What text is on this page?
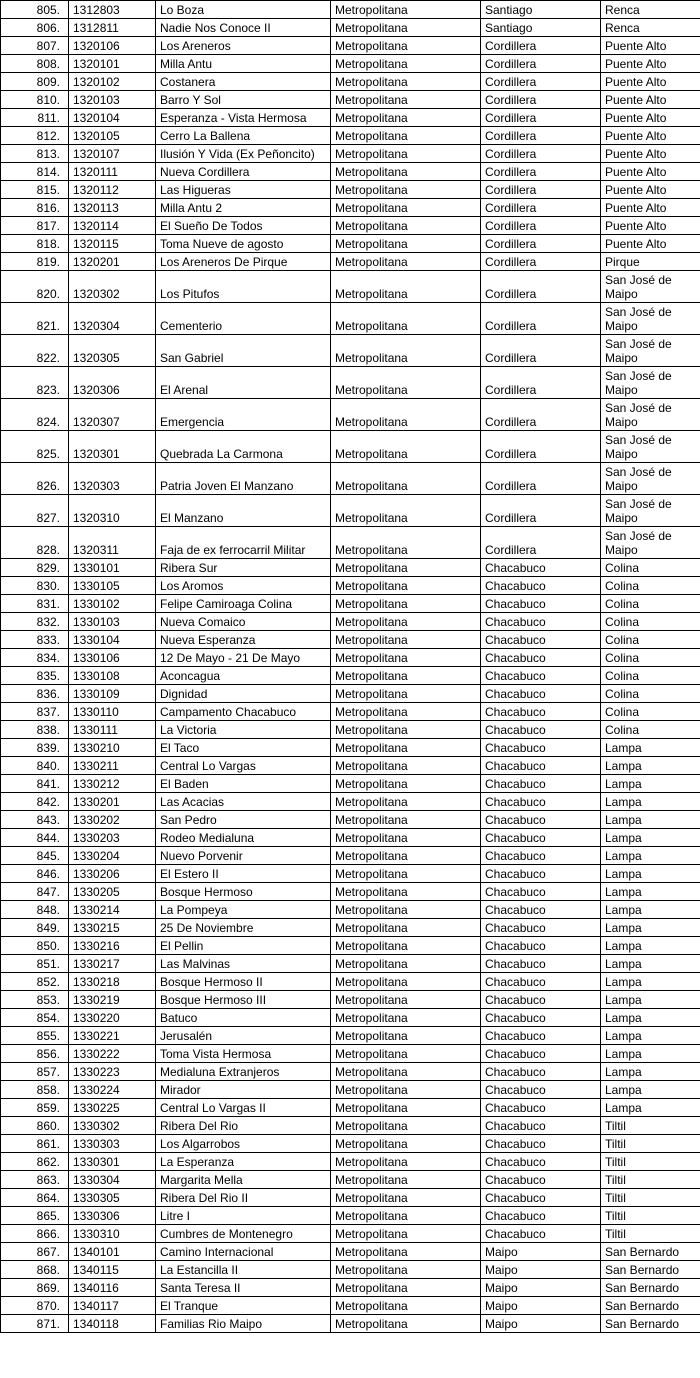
805.	1312803	Lo Boza	Metropolitana	Santiago	Renca
806.	1312811	Nadie Nos Conoce II	Metropolitana	Santiago	Renca
807.	1320106	Los Areneros	Metropolitana	Cordillera	Puente Alto
808.	1320101	Milla Antu	Metropolitana	Cordillera	Puente Alto
809.	1320102	Costanera	Metropolitana	Cordillera	Puente Alto
810.	1320103	Barro Y Sol	Metropolitana	Cordillera	Puente Alto
811.	1320104	Esperanza - Vista Hermosa	Metropolitana	Cordillera	Puente Alto
812.	1320105	Cerro La Ballena	Metropolitana	Cordillera	Puente Alto
813.	1320107	Ilusión Y Vida (Ex Peñoncito)	Metropolitana	Cordillera	Puente Alto
814.	1320111	Nueva Cordillera	Metropolitana	Cordillera	Puente Alto
815.	1320112	Las Higueras	Metropolitana	Cordillera	Puente Alto
816.	1320113	Milla Antu 2	Metropolitana	Cordillera	Puente Alto
817.	1320114	El Sueño De Todos	Metropolitana	Cordillera	Puente Alto
818.	1320115	Toma Nueve de agosto	Metropolitana	Cordillera	Puente Alto
819.	1320201	Los Areneros De Pirque	Metropolitana	Cordillera	Pirque
820.	1320302	Los Pitufos	Metropolitana	Cordillera	San José de Maipo
821.	1320304	Cementerio	Metropolitana	Cordillera	San José de Maipo
822.	1320305	San Gabriel	Metropolitana	Cordillera	San José de Maipo
823.	1320306	El Arenal	Metropolitana	Cordillera	San José de Maipo
824.	1320307	Emergencia	Metropolitana	Cordillera	San José de Maipo
825.	1320301	Quebrada La Carmona	Metropolitana	Cordillera	San José de Maipo
826.	1320303	Patria Joven El Manzano	Metropolitana	Cordillera	San José de Maipo
827.	1320310	El Manzano	Metropolitana	Cordillera	San José de Maipo
828.	1320311	Faja de ex ferrocarril Militar	Metropolitana	Cordillera	San José de Maipo
829.	1330101	Ribera Sur	Metropolitana	Chacabuco	Colina
830.	1330105	Los Aromos	Metropolitana	Chacabuco	Colina
831.	1330102	Felipe Camiroaga Colina	Metropolitana	Chacabuco	Colina
832.	1330103	Nueva Comaico	Metropolitana	Chacabuco	Colina
833.	1330104	Nueva Esperanza	Metropolitana	Chacabuco	Colina
834.	1330106	12 De Mayo - 21 De Mayo	Metropolitana	Chacabuco	Colina
835.	1330108	Aconcagua	Metropolitana	Chacabuco	Colina
836.	1330109	Dignidad	Metropolitana	Chacabuco	Colina
837.	1330110	Campamento Chacabuco	Metropolitana	Chacabuco	Colina
838.	1330111	La Victoria	Metropolitana	Chacabuco	Colina
839.	1330210	El Taco	Metropolitana	Chacabuco	Lampa
840.	1330211	Central Lo Vargas	Metropolitana	Chacabuco	Lampa
841.	1330212	El Baden	Metropolitana	Chacabuco	Lampa
842.	1330201	Las Acacias	Metropolitana	Chacabuco	Lampa
843.	1330202	San Pedro	Metropolitana	Chacabuco	Lampa
844.	1330203	Rodeo Medialuna	Metropolitana	Chacabuco	Lampa
845.	1330204	Nuevo Porvenir	Metropolitana	Chacabuco	Lampa
846.	1330206	El Estero II	Metropolitana	Chacabuco	Lampa
847.	1330205	Bosque Hermoso	Metropolitana	Chacabuco	Lampa
848.	1330214	La Pompeya	Metropolitana	Chacabuco	Lampa
849.	1330215	25 De Noviembre	Metropolitana	Chacabuco	Lampa
850.	1330216	El Pellin	Metropolitana	Chacabuco	Lampa
851.	1330217	Las Malvinas	Metropolitana	Chacabuco	Lampa
852.	1330218	Bosque Hermoso II	Metropolitana	Chacabuco	Lampa
853.	1330219	Bosque Hermoso III	Metropolitana	Chacabuco	Lampa
854.	1330220	Batuco	Metropolitana	Chacabuco	Lampa
855.	1330221	Jerusalén	Metropolitana	Chacabuco	Lampa
856.	1330222	Toma Vista Hermosa	Metropolitana	Chacabuco	Lampa
857.	1330223	Medialuna Extranjeros	Metropolitana	Chacabuco	Lampa
858.	1330224	Mirador	Metropolitana	Chacabuco	Lampa
859.	1330225	Central Lo Vargas II	Metropolitana	Chacabuco	Lampa
860.	1330302	Ribera Del Rio	Metropolitana	Chacabuco	Tiltil
861.	1330303	Los Algarrobos	Metropolitana	Chacabuco	Tiltil
862.	1330301	La Esperanza	Metropolitana	Chacabuco	Tiltil
863.	1330304	Margarita Mella	Metropolitana	Chacabuco	Tiltil
864.	1330305	Ribera Del Rio II	Metropolitana	Chacabuco	Tiltil
865.	1330306	Litre I	Metropolitana	Chacabuco	Tiltil
866.	1330310	Cumbres de Montenegro	Metropolitana	Chacabuco	Tiltil
867.	1340101	Camino Internacional	Metropolitana	Maipo	San Bernardo
868.	1340115	La Estancilla II	Metropolitana	Maipo	San Bernardo
869.	1340116	Santa Teresa II	Metropolitana	Maipo	San Bernardo
870.	1340117	El Tranque	Metropolitana	Maipo	San Bernardo
871.	1340118	Familias Rio Maipo	Metropolitana	Maipo	San Bernardo
